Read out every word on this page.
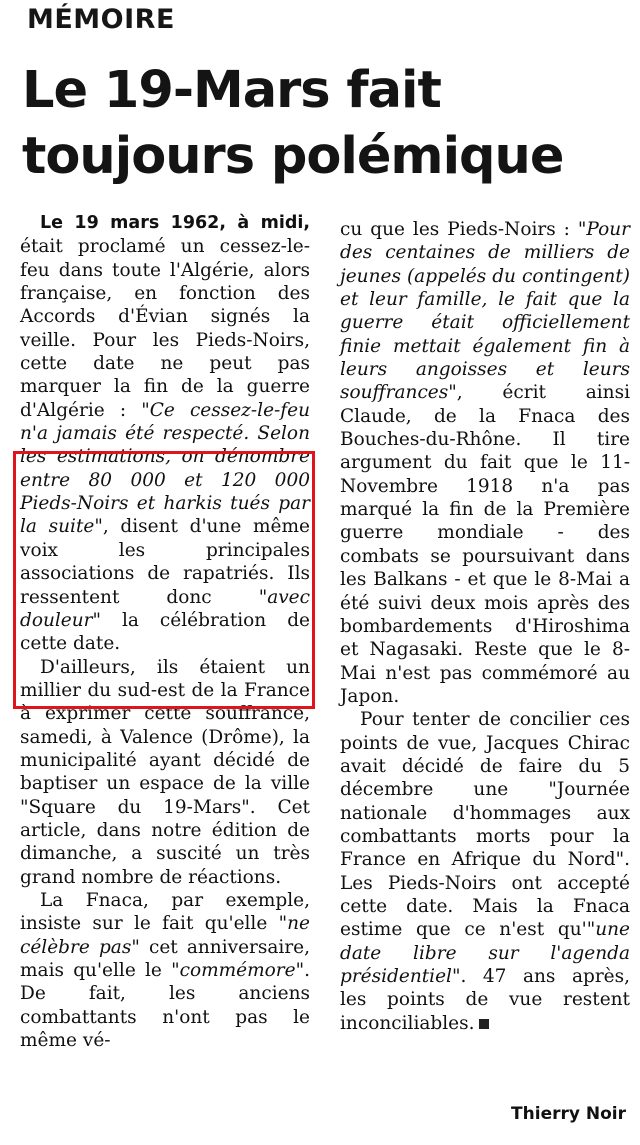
MÉMOIRE
Le 19-Mars fait toujours polémique

Le 19 mars 1962, à midi, était proclamé un cessez-le-feu dans toute l'Algérie, alors française, en fonction des Accords d'Évian signés la veille. Pour les Pieds-Noirs, cette date ne peut pas marquer la fin de la guerre d'Algérie : "Ce cessez-le-feu n'a jamais été respecté. Selon les estimations, on dénombre entre 80 000 et 120 000 Pieds-Noirs et harkis tués par la suite", disent d'une même voix les principales associations de rapatriés. Ils ressentent donc "avec douleur" la célébration de cette date.

D'ailleurs, ils étaient un millier du sud-est de la France à exprimer cette souffrance, samedi, à Valence (Drôme), la municipalité ayant décidé de baptiser un espace de la ville "Square du 19-Mars". Cet article, dans notre édition de dimanche, a suscité un très grand nombre de réactions.

La Fnaca, par exemple, insiste sur le fait qu'elle "ne célèbre pas" cet anniversaire, mais qu'elle le "commémore". De fait, les anciens combattants n'ont pas le même vé-

cu que les Pieds-Noirs : "Pour des centaines de milliers de jeunes (appelés du contingent) et leur famille, le fait que la guerre était officiellement finie mettait également fin à leurs angoisses et leurs souffrances", écrit ainsi Claude, de la Fnaca des Bouches-du-Rhône. Il tire argument du fait que le 11-Novembre 1918 n'a pas marqué la fin de la Première guerre mondiale - des combats se poursuivant dans les Balkans - et que le 8-Mai a été suivi deux mois après des bombardements d'Hiroshima et Nagasaki. Reste que le 8-Mai n'est pas commémoré au Japon.

Pour tenter de concilier ces points de vue, Jacques Chirac avait décidé de faire du 5 décembre une "Journée nationale d'hommages aux combattants morts pour la France en Afrique du Nord". Les Pieds-Noirs ont accepté cette date. Mais la Fnaca estime que ce n'est qu'"une date libre sur l'agenda présidentiel". 47 ans après, les points de vue restent inconciliables.

Thierry Noir
